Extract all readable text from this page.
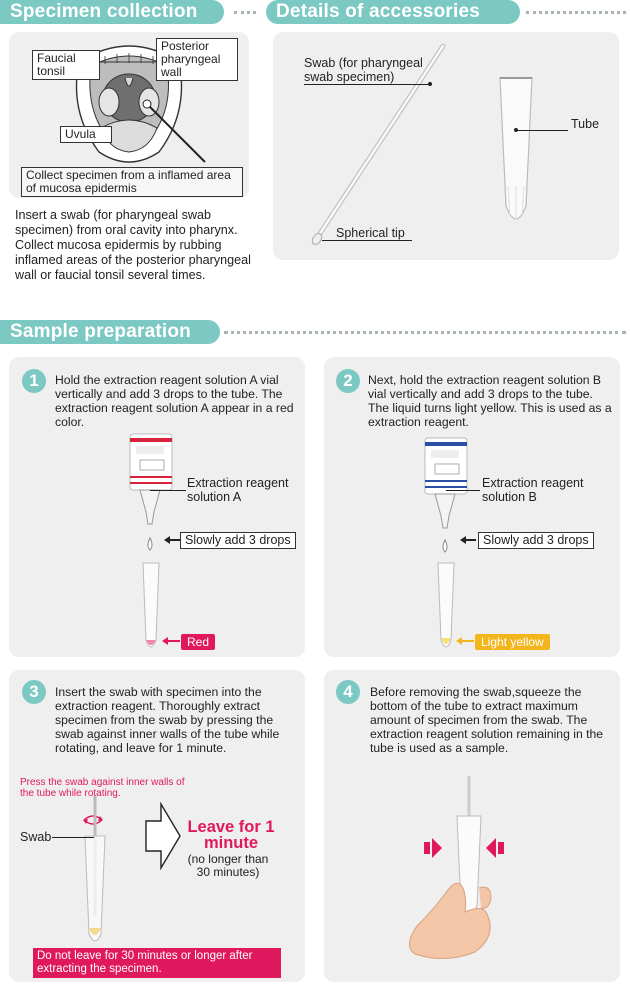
Specimen collection	Details of accessories
Sample preparation
Faucial tonsil
Posterior pharyngeal wall
Uvula
Collect specimen from a inflamed area of mucosa epidermis
Insert a swab (for pharyngeal swab specimen) from oral cavity into pharynx. Collect mucosa epidermis by rubbing inflamed areas of the posterior pharyngeal wall or faucial tonsil several times.
Swab (for pharyngeal swab specimen)
Spherical tip
Tube
1	Hold the extraction reagent solution A vial vertically and add 3 drops to the tube. The extraction reagent solution A appear in a red color.
Extraction reagent solution A
Slowly add 3 drops
Red
2	Next, hold the extraction reagent solution B vial vertically and add 3 drops to the tube. The liquid turns light yellow. This is used as a extraction reagent.
Extraction reagent solution B
Slowly add 3 drops
Light yellow
3	Insert the swab with specimen into the extraction reagent. Thoroughly extract specimen from the swab by pressing the swab against inner walls of the tube while rotating, and leave for 1 minute.
Press the swab against inner walls of the tube while rotating.
Swab
Leave for 1 minute
(no longer than 30 minutes)
Do not leave for 30 minutes or longer after extracting the specimen.
4	Before removing the swab,squeeze the bottom of the tube to extract maximum amount of specimen from the swab. The extraction reagent solution remaining in the tube is used as a sample.
